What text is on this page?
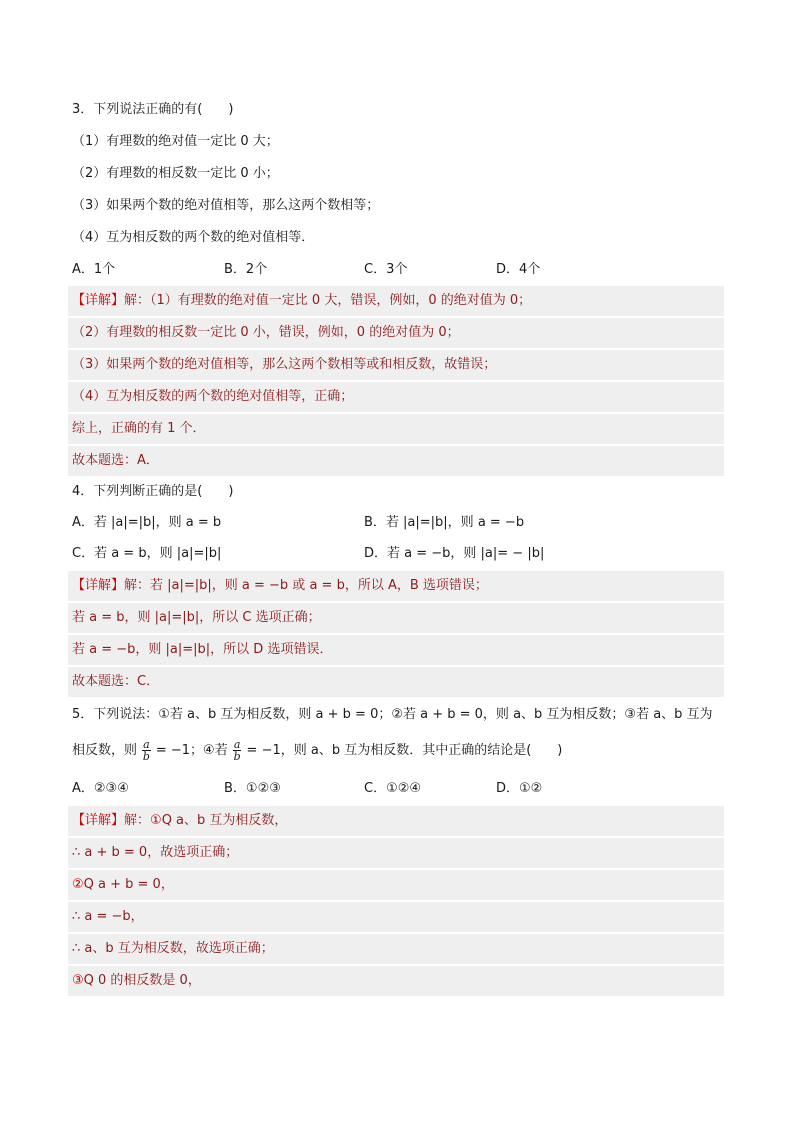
3．下列说法正确的有(　　)
（1）有理数的绝对值一定比 0 大；
（2）有理数的相反数一定比 0 小；
（3）如果两个数的绝对值相等，那么这两个数相等；
（4）互为相反数的两个数的绝对值相等．
A．1个	B．2个	C．3个	D．4个
【详解】解：（1）有理数的绝对值一定比 0 大，错误，例如，0 的绝对值为 0；
（2）有理数的相反数一定比 0 小，错误，例如，0 的绝对值为 0；
（3）如果两个数的绝对值相等，那么这两个数相等或和相反数，故错误；
（4）互为相反数的两个数的绝对值相等，正确；
综上，正确的有 1 个．
故本题选：A．
4．下列判断正确的是(　　)
A．若 |a|=|b|，则 a = b	B．若 |a|=|b|，则 a = −b
C．若 a = b，则 |a|=|b|	D．若 a = −b，则 |a|= − |b|
【详解】解：若 |a|=|b|，则 a = −b 或 a = b，所以 A，B 选项错误；
若 a = b，则 |a|=|b|，所以 C 选项正确；
若 a = −b，则 |a|=|b|，所以 D 选项错误．
故本题选：C．
5．下列说法：①若 a、b 互为相反数，则 a + b = 0；②若 a + b = 0，则 a、b 互为相反数；③若 a、b 互为
相反数，则 $\frac{a}{b} = -1$；④若 $\frac{a}{b} = -1$，则 a、b 互为相反数．其中正确的结论是(　　)
A．②③④	B．①②③	C．①②④	D．①②
【详解】解：①Q a、b 互为相反数，
∴ a + b = 0，故选项正确；
②Q a + b = 0，
∴ a = −b，
∴ a、b 互为相反数，故选项正确；
③Q 0 的相反数是 0，
